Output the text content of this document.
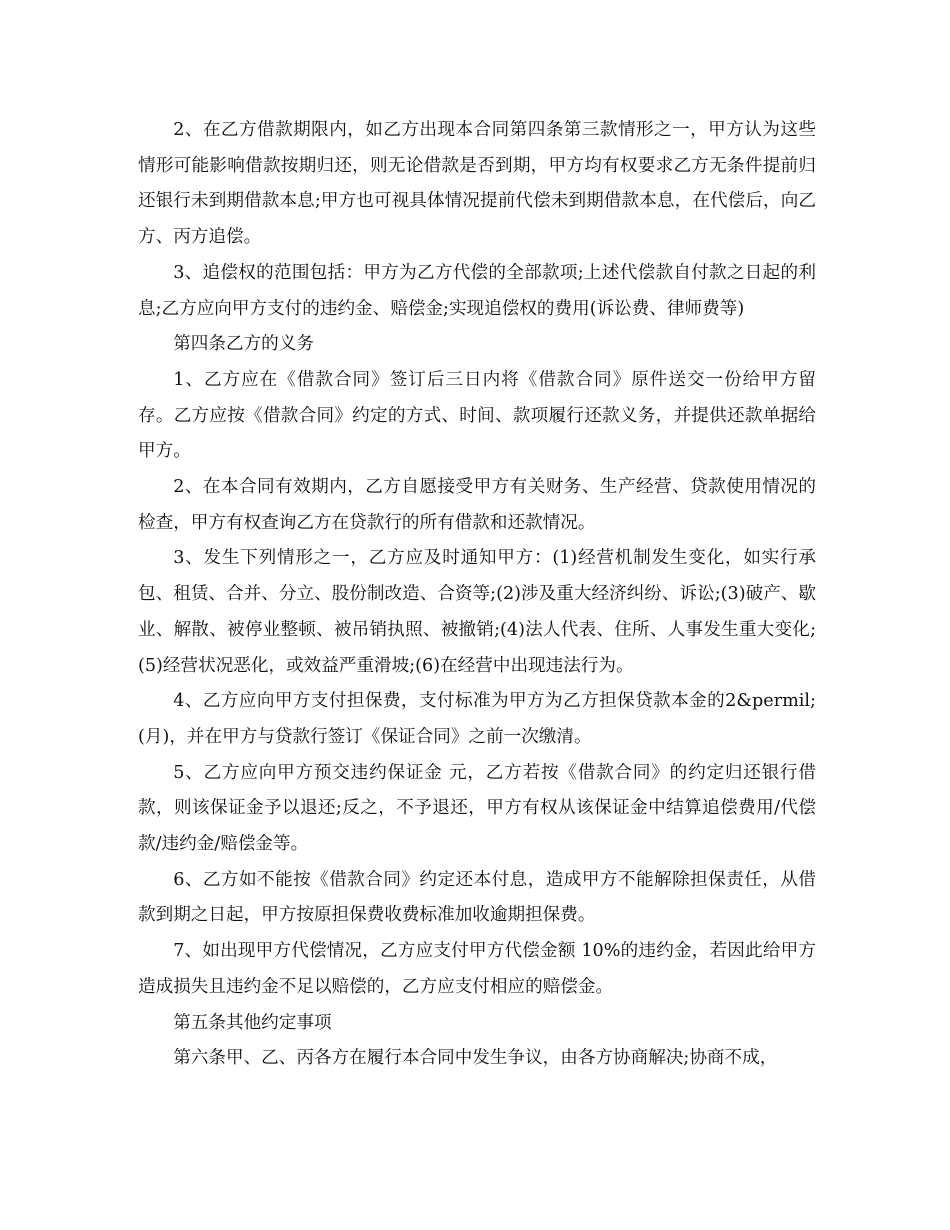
2、在乙方借款期限内，如乙方出现本合同第四条第三款情形之一，甲方认为这些情形可能影响借款按期归还，则无论借款是否到期，甲方均有权要求乙方无条件提前归还银行未到期借款本息;甲方也可视具体情况提前代偿未到期借款本息，在代偿后，向乙方、丙方追偿。

3、追偿权的范围包括：甲方为乙方代偿的全部款项;上述代偿款自付款之日起的利息;乙方应向甲方支付的违约金、赔偿金;实现追偿权的费用(诉讼费、律师费等)

第四条乙方的义务

1、乙方应在《借款合同》签订后三日内将《借款合同》原件送交一份给甲方留存。乙方应按《借款合同》约定的方式、时间、款项履行还款义务，并提供还款单据给甲方。

2、在本合同有效期内，乙方自愿接受甲方有关财务、生产经营、贷款使用情况的检查，甲方有权查询乙方在贷款行的所有借款和还款情况。

3、发生下列情形之一，乙方应及时通知甲方：(1)经营机制发生变化，如实行承包、租赁、合并、分立、股份制改造、合资等;(2)涉及重大经济纠纷、诉讼;(3)破产、歇业、解散、被停业整顿、被吊销执照、被撤销;(4)法人代表、住所、人事发生重大变化;(5)经营状况恶化，或效益严重滑坡;(6)在经营中出现违法行为。

4、乙方应向甲方支付担保费，支付标准为甲方为乙方担保贷款本金的2&permil;(月)，并在甲方与贷款行签订《保证合同》之前一次缴清。

5、乙方应向甲方预交违约保证金 元，乙方若按《借款合同》的约定归还银行借款，则该保证金予以退还;反之，不予退还，甲方有权从该保证金中结算追偿费用/代偿款/违约金/赔偿金等。

6、乙方如不能按《借款合同》约定还本付息，造成甲方不能解除担保责任，从借款到期之日起，甲方按原担保费收费标准加收逾期担保费。

7、如出现甲方代偿情况，乙方应支付甲方代偿金额 10%的违约金，若因此给甲方造成损失且违约金不足以赔偿的，乙方应支付相应的赔偿金。

第五条其他约定事项

第六条甲、乙、丙各方在履行本合同中发生争议，由各方协商解决;协商不成，
